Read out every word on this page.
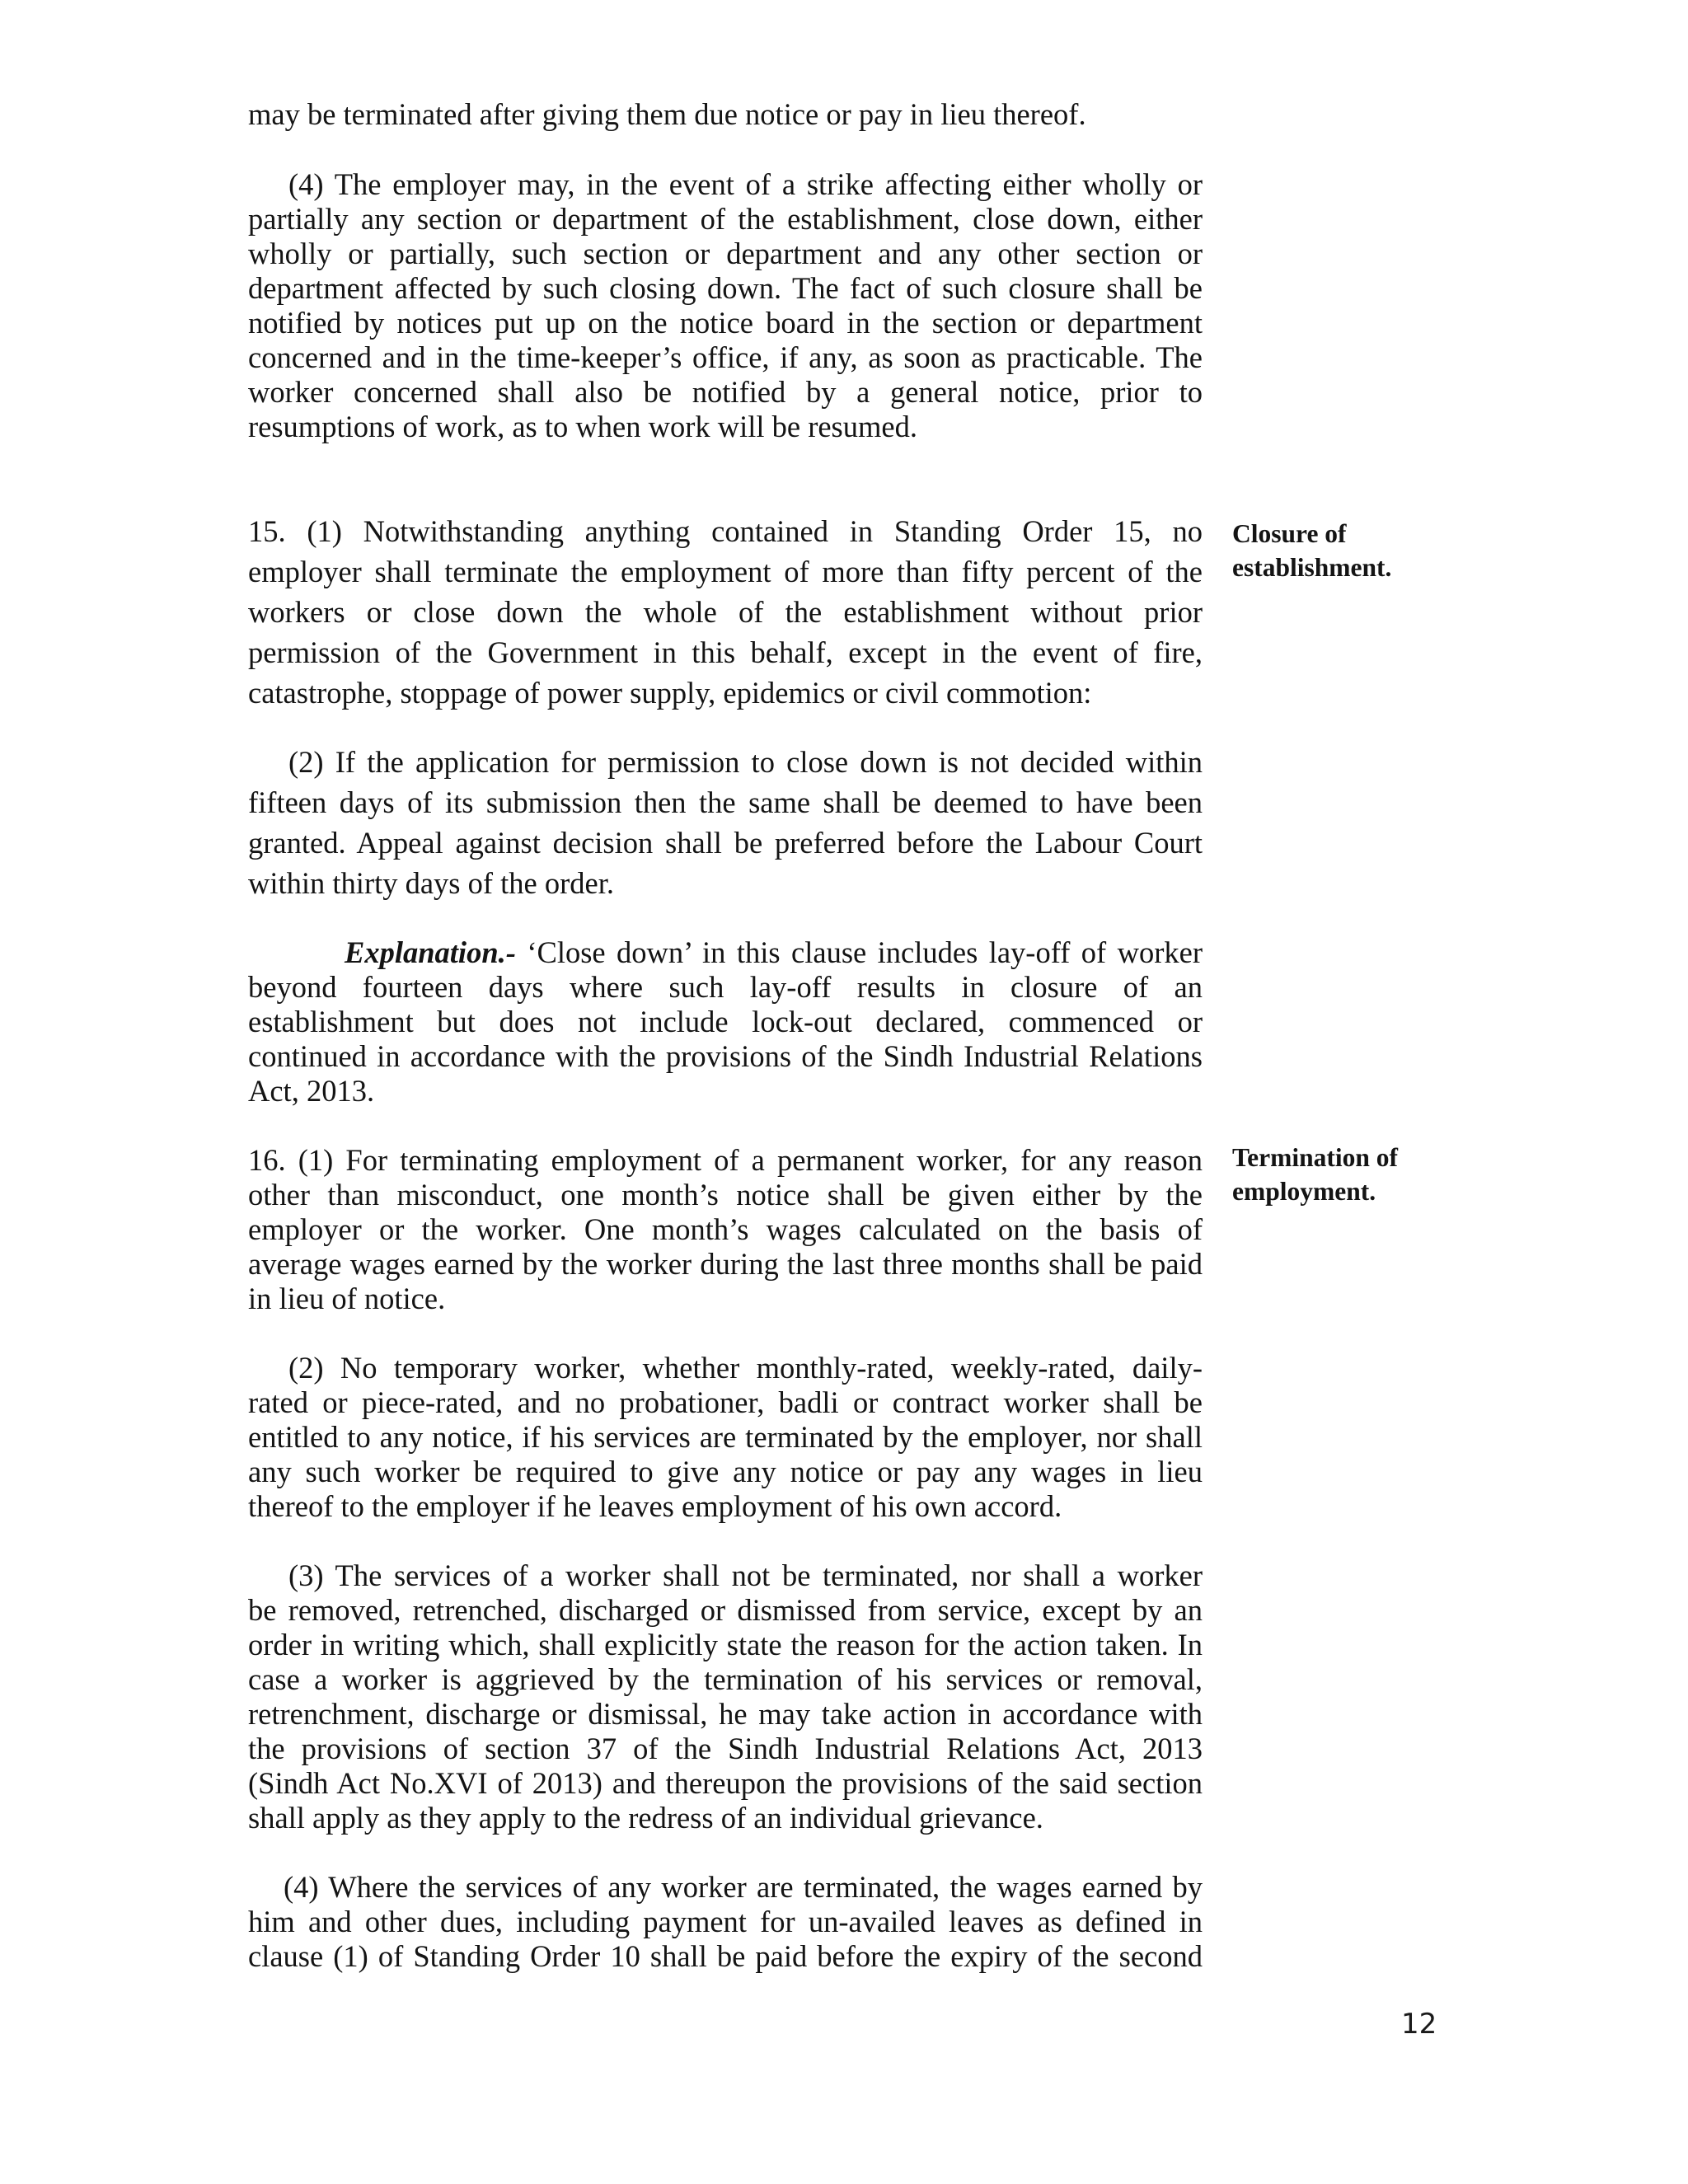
may be terminated after giving them due notice or pay in lieu thereof.
(4) The employer may, in the event of a strike affecting either wholly or
partially any section or department of the establishment, close down, either
wholly or partially, such section or department and any other section or
department affected by such closing down. The fact of such closure shall be
notified by notices put up on the notice board in the section or department
concerned and in the time-keeper’s office, if any, as soon as practicable. The
worker concerned shall also be notified by a general notice, prior to
resumptions of work, as to when work will be resumed.
15. (1) Notwithstanding anything contained in Standing Order 15, no
employer shall terminate the employment of more than fifty percent of the
workers or close down the whole of the establishment without prior
permission of the Government in this behalf, except in the event of fire,
catastrophe, stoppage of power supply, epidemics or civil commotion:
Closure of
establishment.
(2) If the application for permission to close down is not decided within
fifteen days of its submission then the same shall be deemed to have been
granted. Appeal against decision shall be preferred before the Labour Court
within thirty days of the order.
Explanation.- ‘Close down’ in this clause includes lay-off of worker
beyond fourteen days where such lay-off results in closure of an
establishment but does not include lock-out declared, commenced or
continued in accordance with the provisions of the Sindh Industrial Relations
Act, 2013.
16. (1) For terminating employment of a permanent worker, for any reason
other than misconduct, one month’s notice shall be given either by the
employer or the worker. One month’s wages calculated on the basis of
average wages earned by the worker during the last three months shall be paid
in lieu of notice.
Termination of
employment.
(2) No temporary worker, whether monthly-rated, weekly-rated, daily-
rated or piece-rated, and no probationer, badli or contract worker shall be
entitled to any notice, if his services are terminated by the employer, nor shall
any such worker be required to give any notice or pay any wages in lieu
thereof to the employer if he leaves employment of his own accord.
(3) The services of a worker shall not be terminated, nor shall a worker
be removed, retrenched, discharged or dismissed from service, except by an
order in writing which, shall explicitly state the reason for the action taken. In
case a worker is aggrieved by the termination of his services or removal,
retrenchment, discharge or dismissal, he may take action in accordance with
the provisions of section 37 of the Sindh Industrial Relations Act, 2013
(Sindh Act No.XVI of 2013) and thereupon the provisions of the said section
shall apply as they apply to the redress of an individual grievance.
(4) Where the services of any worker are terminated, the wages earned by
him and other dues, including payment for un-availed leaves as defined in
clause (1) of Standing Order 10 shall be paid before the expiry of the second
12
